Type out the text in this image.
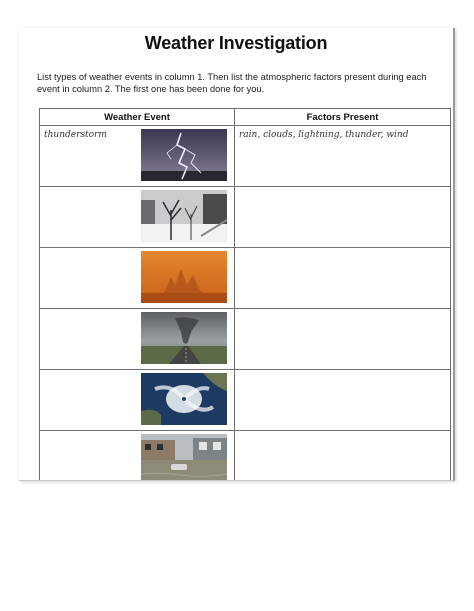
Weather Investigation
List types of weather events in column 1. Then list the atmospheric factors present during each event in column 2. The first one has been done for you.
Weather Event	Factors Present
thunderstorm	rain, clouds, lightning, thunder, wind
